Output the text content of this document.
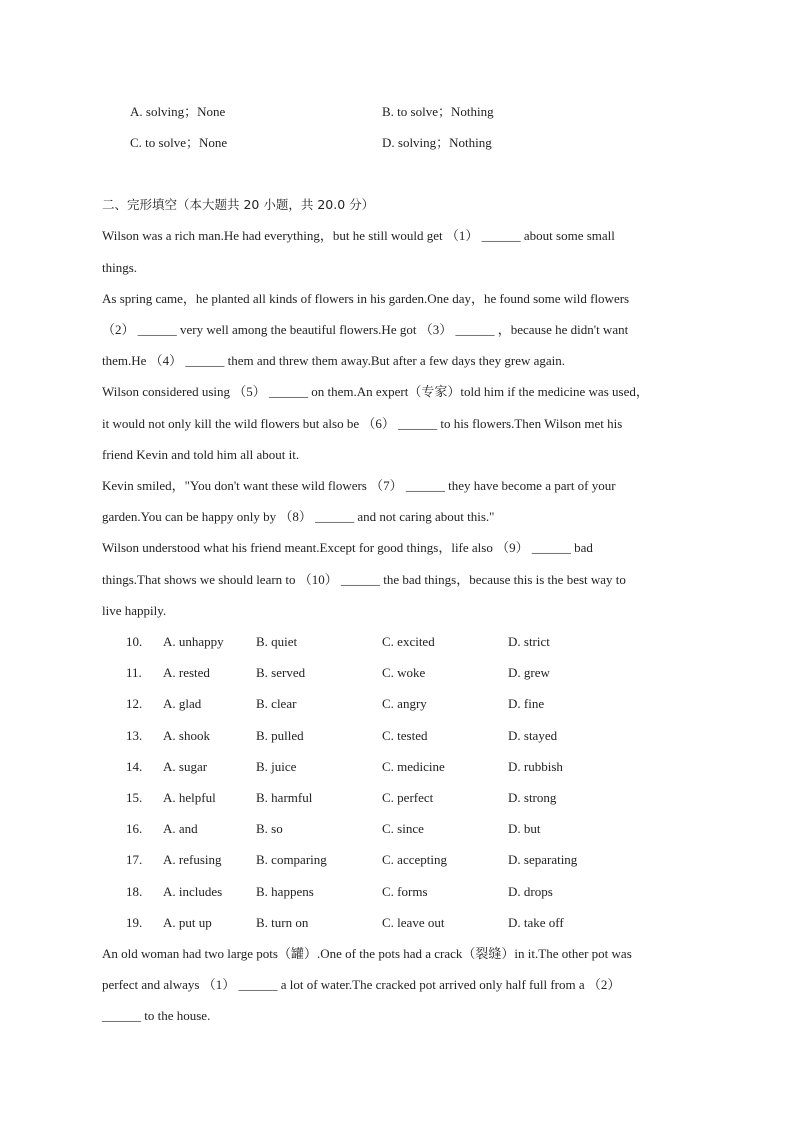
A. solving；None	B. to solve；Nothing
C. to solve；None	D. solving；Nothing
二、完形填空（本大题共 20 小题，共 20.0 分）
Wilson was a rich man.He had everything，but he still would get （1） ______ about some small
things.
As spring came，he planted all kinds of flowers in his garden.One day，he found some wild flowers
（2） ______ very well among the beautiful flowers.He got （3） ______ ，because he didn't want
them.He （4） ______ them and threw them away.But after a few days they grew again.
Wilson considered using （5） ______ on them.An expert（专家）told him if the medicine was used，
it would not only kill the wild flowers but also be （6） ______ to his flowers.Then Wilson met his
friend Kevin and told him all about it.
Kevin smiled，"You don't want these wild flowers （7） ______ they have become a part of your
garden.You can be happy only by （8） ______ and not caring about this."
Wilson understood what his friend meant.Except for good things，life also （9） ______ bad
things.That shows we should learn to （10） ______ the bad things，because this is the best way to
live happily.
10. A. unhappy B. quiet	C. excited	D. strict
11. A. rested	B. served	C. woke	D. grew
12. A. glad	B. clear	C. angry	D. fine
13. A. shook	B. pulled	C. tested	D. stayed
14. A. sugar	B. juice	C. medicine	D. rubbish
15. A. helpful	B. harmful	C. perfect	D. strong
16. A. and	B. so	C. since	D. but
17. A. refusing	B. comparing	C. accepting	D. separating
18. A. includes	B. happens	C. forms	D. drops
19. A. put up	B. turn on	C. leave out	D. take off
An old woman had two large pots（罐）.One of the pots had a crack（裂缝）in it.The other pot was
perfect and always （1） ______ a lot of water.The cracked pot arrived only half full from a （2）
______ to the house.
